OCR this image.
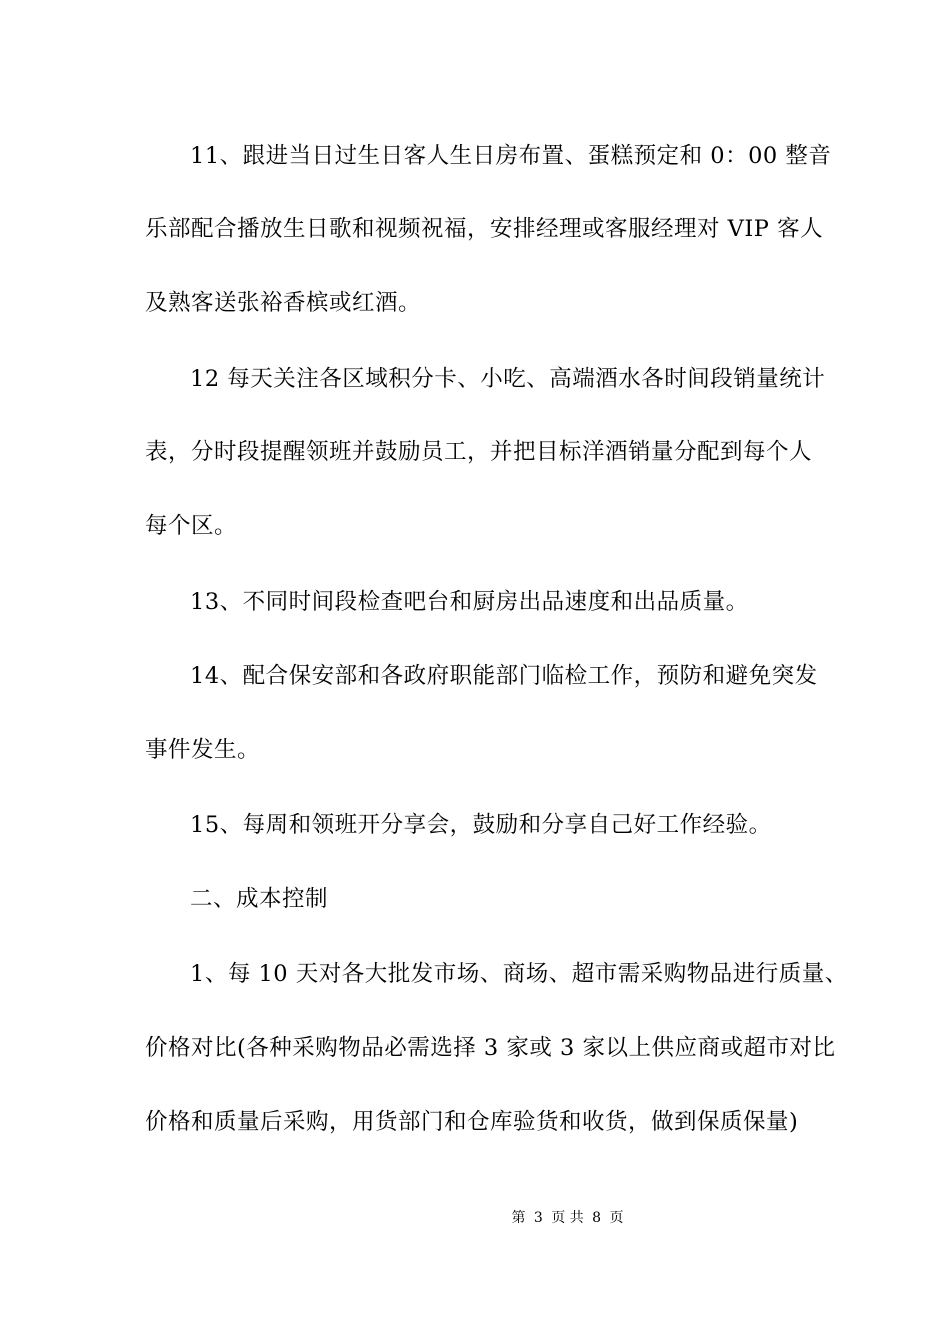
11、跟进当日过生日客人生日房布置、蛋糕预定和 0：00 整音
乐部配合播放生日歌和视频祝福，安排经理或客服经理对 VIP 客人
及熟客送张裕香槟或红酒。
12 每天关注各区域积分卡、小吃、高端酒水各时间段销量统计
表，分时段提醒领班并鼓励员工，并把目标洋酒销量分配到每个人
每个区。
13、不同时间段检查吧台和厨房出品速度和出品质量。
14、配合保安部和各政府职能部门临检工作，预防和避免突发
事件发生。
15、每周和领班开分享会，鼓励和分享自己好工作经验。
二、成本控制
1、每 10 天对各大批发市场、商场、超市需采购物品进行质量、
价格对比(各种采购物品必需选择 3 家或 3 家以上供应商或超市对比
价格和质量后采购，用货部门和仓库验货和收货，做到保质保量)
第 3 页 共 8 页
